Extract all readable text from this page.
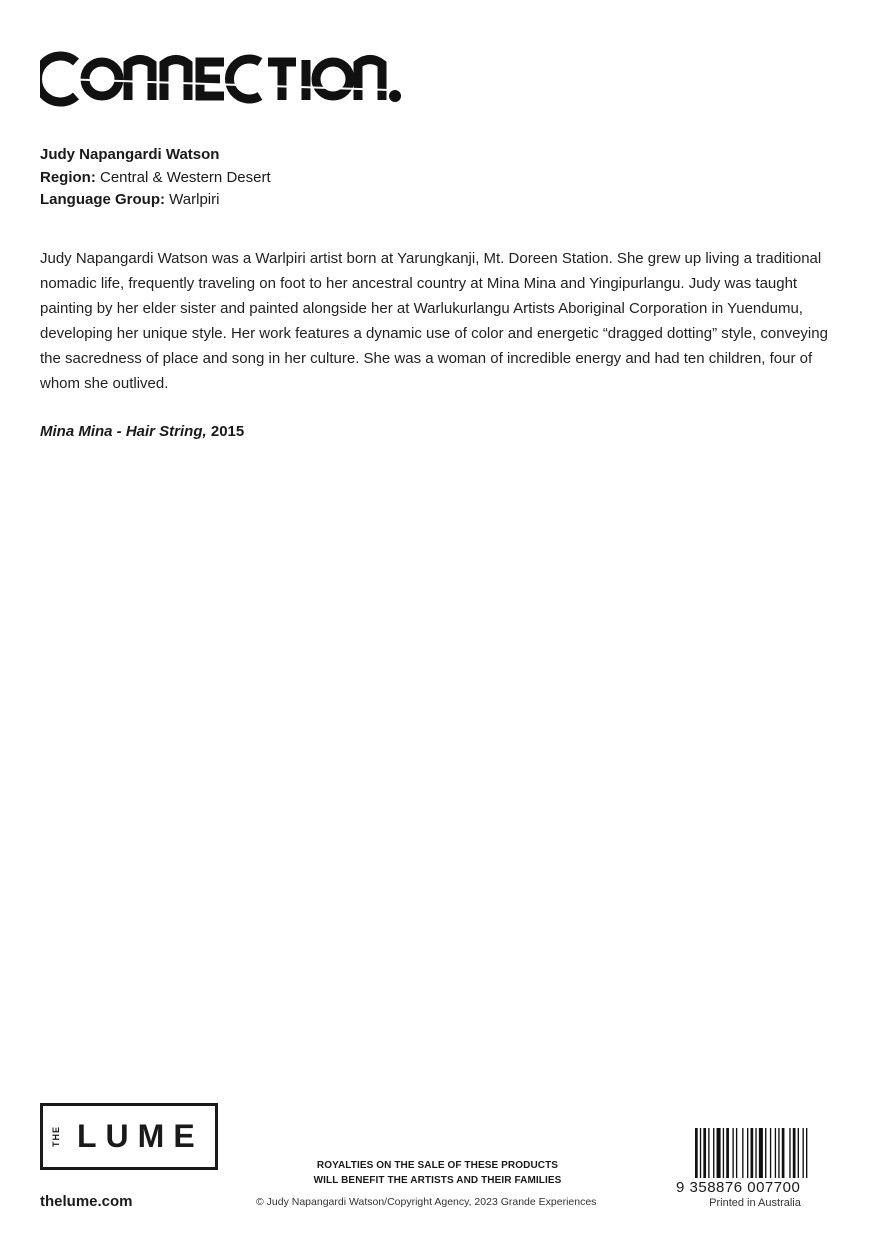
Judy Napangardi Watson
Region: Central & Western Desert
Language Group: Warlpiri
Judy Napangardi Watson was a Warlpiri artist born at Yarungkanji, Mt. Doreen Station. She grew up living a traditional nomadic life, frequently traveling on foot to her ancestral country at Mina Mina and Yingipurlangu. Judy was taught painting by her elder sister and painted alongside her at Warlukurlangu Artists Aboriginal Corporation in Yuendumu, developing her unique style. Her work features a dynamic use of color and energetic “dragged dotting” style, conveying the sacredness of place and song in her culture. She was a woman of incredible energy and had ten children, four of whom she outlived.
Mina Mina - Hair String, 2015
THE LUME
thelume.com
ROYALTIES ON THE SALE OF THESE PRODUCTS
WILL BENEFIT THE ARTISTS AND THEIR FAMILIES
© Judy Napangardi Watson/Copyright Agency, 2023 Grande Experiences
9 358876 007700
Printed in Australia
